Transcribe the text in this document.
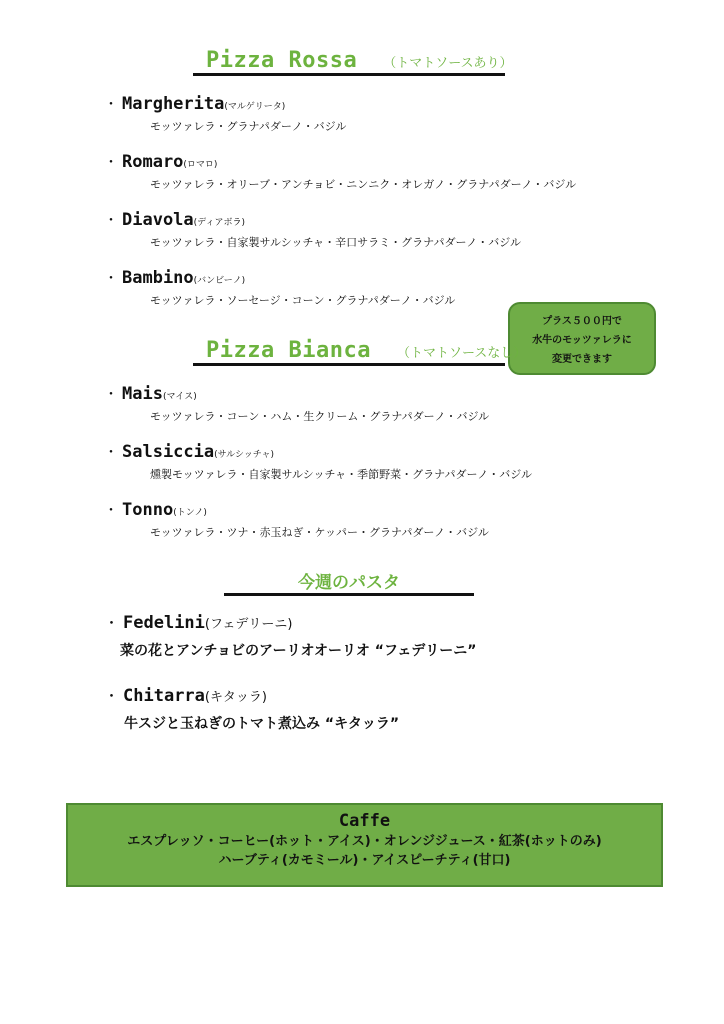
Pizza Rossa （トマトソースあり）
・ Margherita(マルゲリータ)
モッツァレラ・グラナパダーノ・バジル
・ Romaro(ロマロ)
モッツァレラ・オリーブ・アンチョビ・ニンニク・オレガノ・グラナパダーノ・バジル
・ Diavola(ディアボラ)
モッツァレラ・自家製サルシッチャ・辛口サラミ・グラナパダーノ・バジル
・ Bambino(バンビーノ)
モッツァレラ・ソーセージ・コーン・グラナパダーノ・バジル
プラス５００円で
水牛のモッツァレラに
変更できます
Pizza Bianca （トマトソースなし）
・ Mais(マイス)
モッツァレラ・コーン・ハム・生クリーム・グラナパダーノ・バジル
・ Salsiccia(サルシッチャ)
燻製モッツァレラ・自家製サルシッチャ・季節野菜・グラナパダーノ・バジル
・ Tonno(トンノ)
モッツァレラ・ツナ・赤玉ねぎ・ケッパー・グラナパダーノ・バジル
今週のパスタ
・ Fedelini(フェデリーニ)
菜の花とアンチョビのアーリオオーリオ “フェデリーニ”
・ Chitarra(キタッラ)
牛スジと玉ねぎのトマト煮込み “キタッラ”
Caffe
エスプレッソ・コーヒー(ホット・アイス)・オレンジジュース・紅茶(ホットのみ)
ハーブティ(カモミール)・アイスピーチティ(甘口)
